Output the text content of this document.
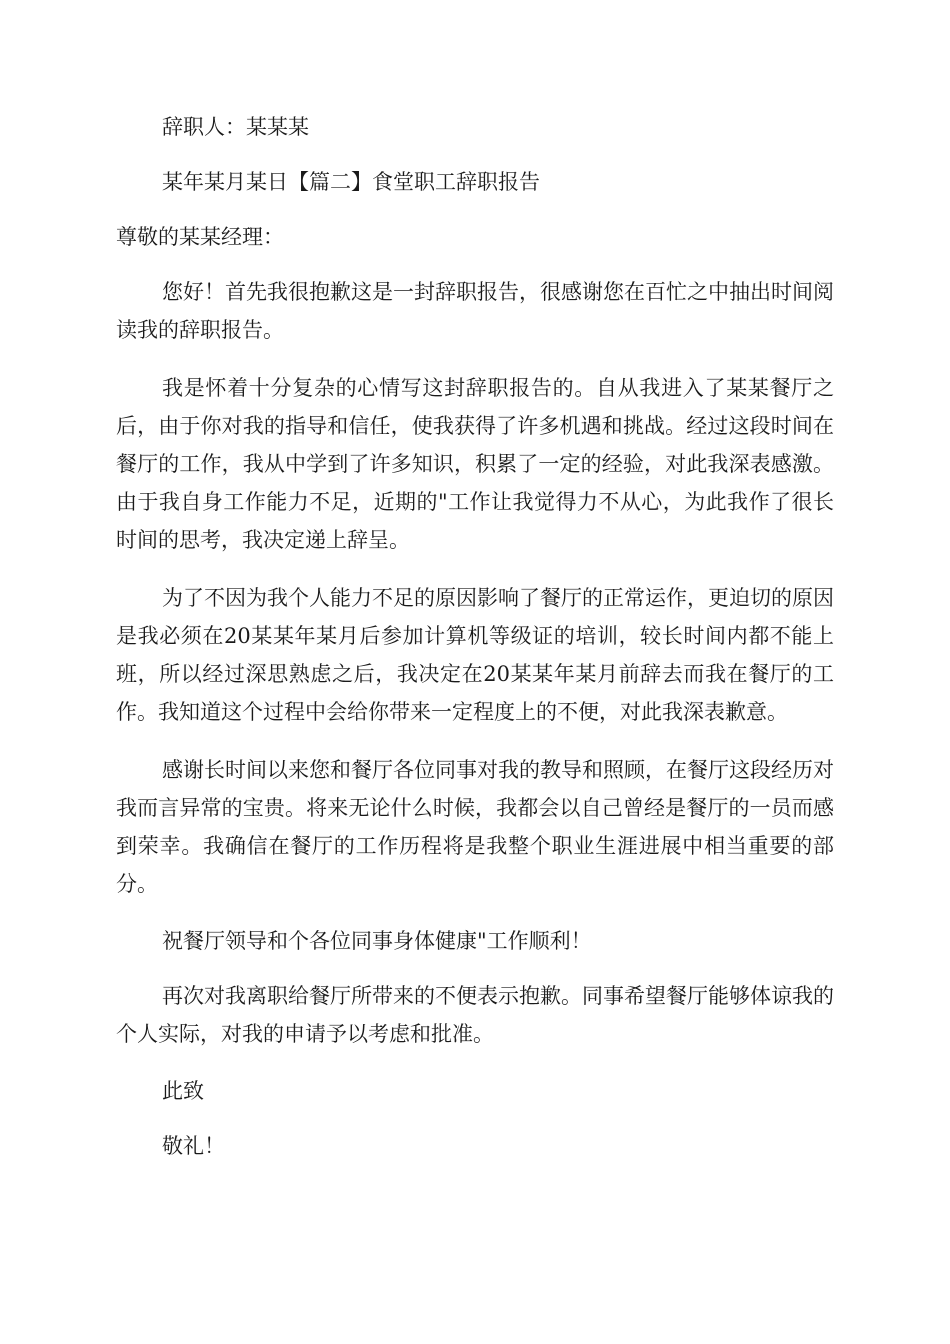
辞职人：某某某

某年某月某日【篇二】食堂职工辞职报告

尊敬的某某经理：

您好！首先我很抱歉这是一封辞职报告，很感谢您在百忙之中抽出时间阅读我的辞职报告。

我是怀着十分复杂的心情写这封辞职报告的。自从我进入了某某餐厅之后，由于你对我的指导和信任，使我获得了许多机遇和挑战。经过这段时间在餐厅的工作，我从中学到了许多知识，积累了一定的经验，对此我深表感激。由于我自身工作能力不足，近期的"工作让我觉得力不从心，为此我作了很长时间的思考，我决定递上辞呈。

为了不因为我个人能力不足的原因影响了餐厅的正常运作，更迫切的原因是我必须在20某某年某月后参加计算机等级证的培训，较长时间内都不能上班，所以经过深思熟虑之后，我决定在20某某年某月前辞去而我在餐厅的工作。我知道这个过程中会给你带来一定程度上的不便，对此我深表歉意。

感谢长时间以来您和餐厅各位同事对我的教导和照顾，在餐厅这段经历对我而言异常的宝贵。将来无论什么时候，我都会以自己曾经是餐厅的一员而感到荣幸。我确信在餐厅的工作历程将是我整个职业生涯进展中相当重要的部分。

祝餐厅领导和个各位同事身体健康"工作顺利！

再次对我离职给餐厅所带来的不便表示抱歉。同事希望餐厅能够体谅我的个人实际，对我的申请予以考虑和批准。

此致

敬礼！
